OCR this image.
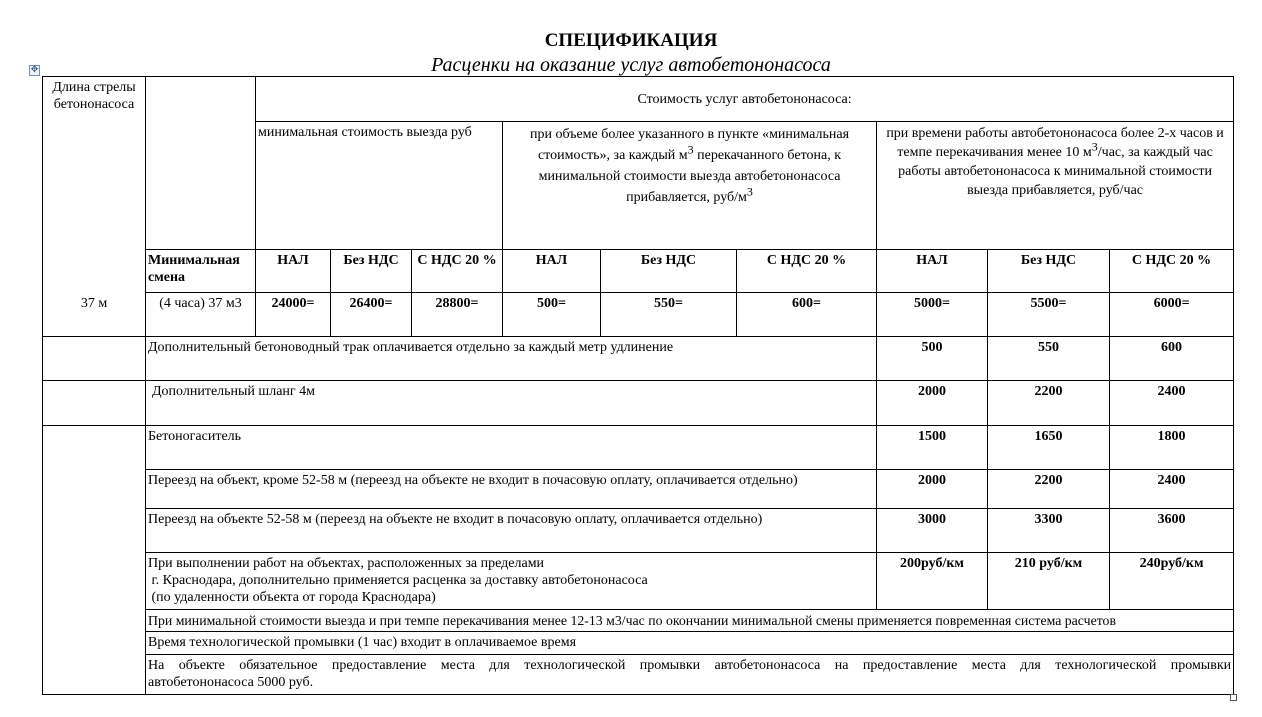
СПЕЦИФИКАЦИЯ
Расценки на оказание услуг автобетононасоса
✥
Длина стрелы бетононасоса		Стоимость услуг автобетононасоса:								
		минимальная стоимость выезда руб			при объеме более указанного в пункте «минимальная стоимость», за каждый $м^3$ перекачанного бетона, к минимальной стоимости выезда автобетононасоса прибавляется, руб/$м^3$			при времени работы автобетононасоса более 2-х часов и темпе перекачивания менее 10 $м^3$/час, за каждый час работы автобетононасоса к минимальной стоимости выезда прибавляется, руб/час		
	Минимальная смена	НАЛ	Без НДС	С НДС 20 %	НАЛ	Без НДС	С НДС 20 %	НАЛ	Без НДС	С НДС 20 %
37 м	(4 часа) 37 м3	24000=	26400=	28800=	500=	550=	600=	5000=	5500=	6000=
	Дополнительный бетоноводный трак оплачивается отдельно за каждый метр удлинение							500	550	600
	Дополнительный шланг 4м							2000	2200	2400
	Бетоногаситель							1500	1650	1800
	Переезд на объект, кроме 52-58 м (переезд на объекте не входит в почасовую оплату, оплачивается отдельно)							2000	2200	2400
	Переезд на объекте 52-58 м (переезд на объекте не входит в почасовую оплату, оплачивается отдельно)							3000	3300	3600

	При выполнении работ на объектах, расположенных за пределами
г. Краснодара, дополнительно применяется расценка за доставку автобетононасоса
(по удаленности объекта от города Краснодара)							200руб/км	210 руб/км	240руб/км
	При минимальной стоимости выезда и при темпе перекачивания менее 12-13 м3/час по окончании минимальной смены применяется повременная система расчетов									
	Время технологической промывки (1 час) входит в оплачиваемое время									

	На объекте обязательное предоставление места для технологической промывки автобетононасоса на предоставление места для технологической промывки
автобетононасоса 5000 руб.									
